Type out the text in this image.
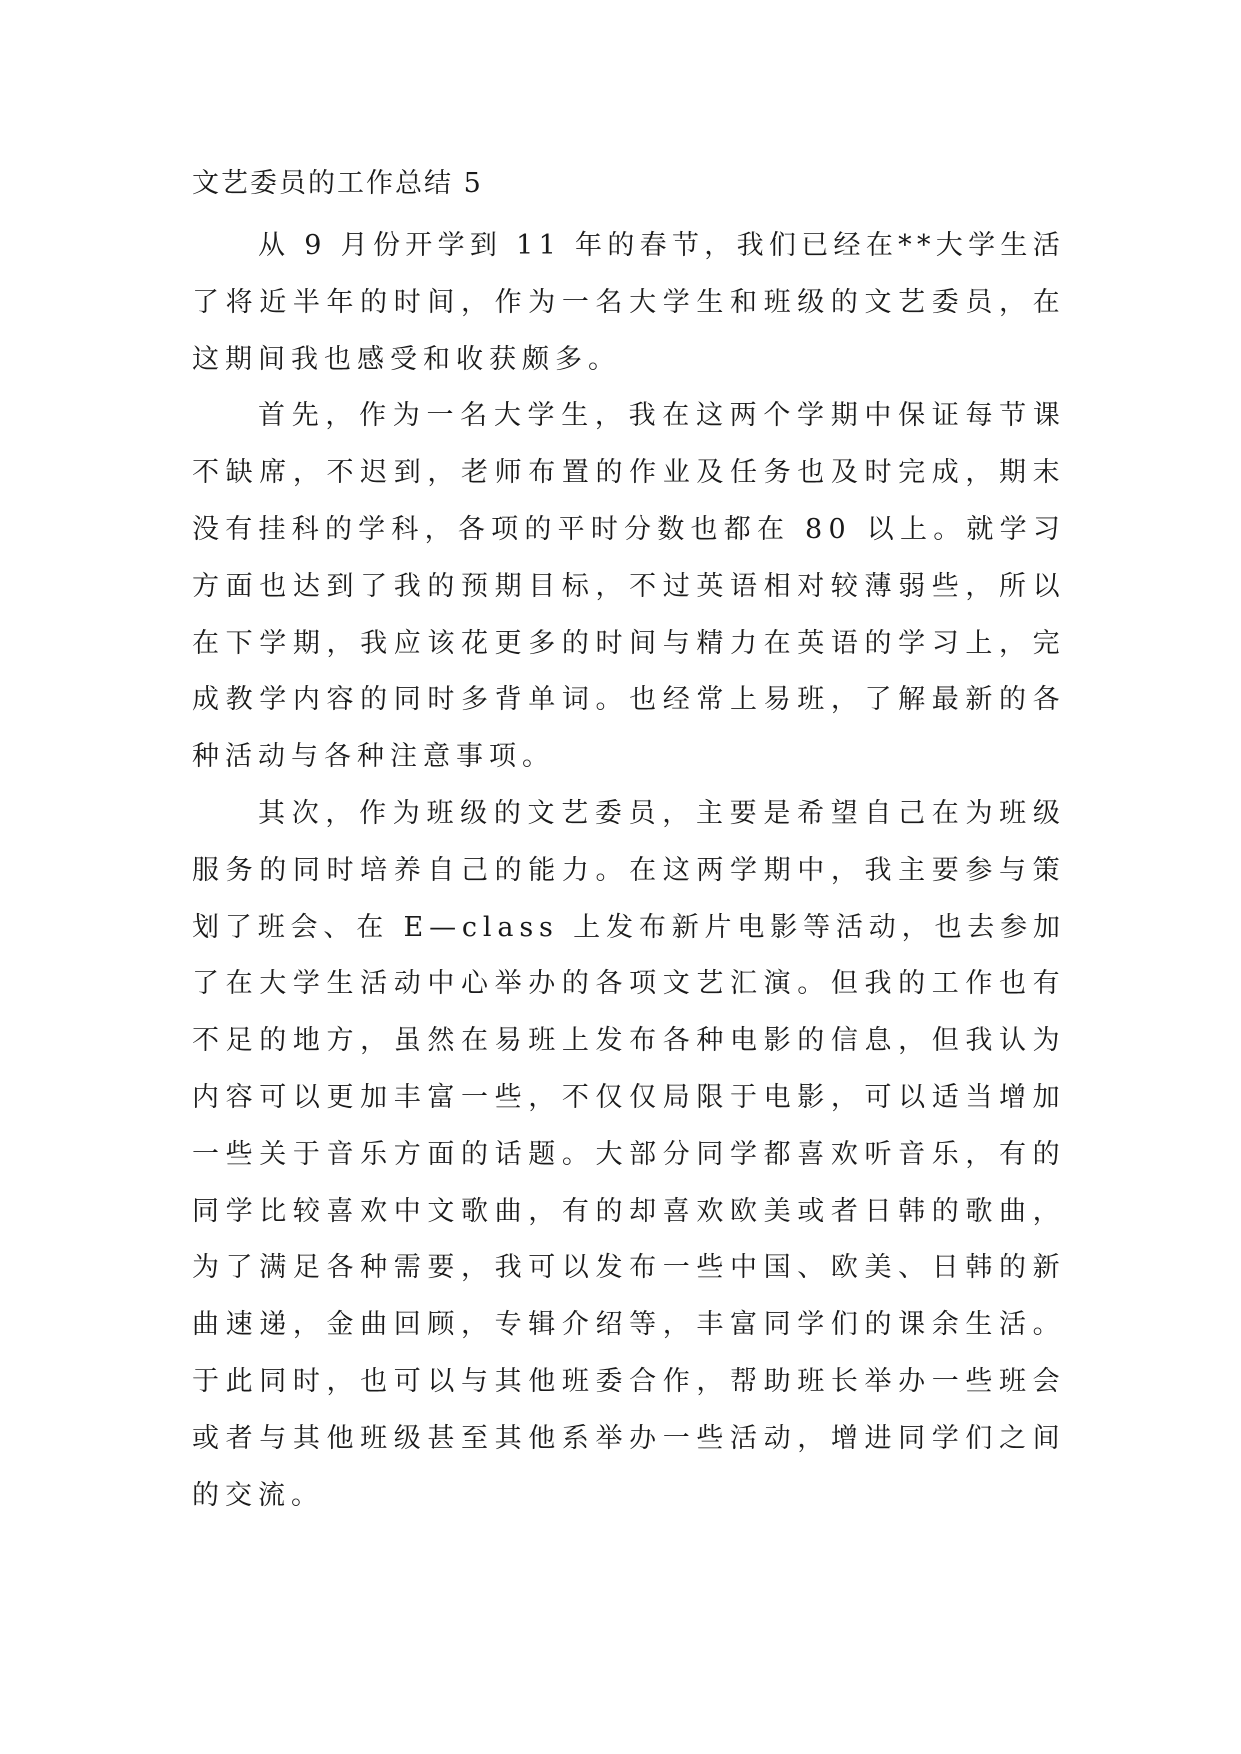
文艺委员的工作总结 5
从
9
月 份 开 学 到
1 1
年 的 春 节 ， 我 们 已 经 在 * * 大 学 生 活
了 将 近 半 年 的 时 间 ， 作 为 一 名 大 学 生 和 班 级 的 文 艺 委 员 ， 在
这期间我也感受和收获颇多。
首 先 ， 作 为 一 名 大 学 生 ， 我 在 这 两 个 学 期 中 保 证 每 节 课
不 缺 席 ， 不 迟 到 ， 老 师 布 置 的 作 业 及 任 务 也 及 时 完 成 ， 期 末
没 有 挂 科 的 学 科 ， 各 项 的 平 时 分 数 也 都 在
8 0
以 上 。 就 学 习
方 面 也 达 到 了 我 的 预 期 目 标 ， 不 过 英 语 相 对 较 薄 弱 些 ， 所 以
在 下 学 期 ， 我 应 该 花 更 多 的 时 间 与 精 力 在 英 语 的 学 习 上 ， 完
成 教 学 内 容 的 同 时 多 背 单 词 。 也 经 常 上 易 班 ， 了 解 最 新 的 各
种活动与各种注意事项。
其 次 ， 作 为 班 级 的 文 艺 委 员 ， 主 要 是 希 望 自 己 在 为 班 级
服 务 的 同 时 培 养 自 己 的 能 力 。 在 这 两 学 期 中 ， 我 主 要 参 与 策
划 了 班 会 、 在
E — c l a s s
上 发 布 新 片 电 影 等 活 动 ， 也 去 参 加
了 在 大 学 生 活 动 中 心 举 办 的 各 项 文 艺 汇 演 。 但 我 的 工 作 也 有
不 足 的 地 方 ， 虽 然 在 易 班 上 发 布 各 种 电 影 的 信 息 ， 但 我 认 为
内 容 可 以 更 加 丰 富 一 些 ， 不 仅 仅 局 限 于 电 影 ， 可 以 适 当 增 加
一 些 关 于 音 乐 方 面 的 话 题 。 大 部 分 同 学 都 喜 欢 听 音 乐 ， 有 的
同 学 比 较 喜 欢 中 文 歌 曲 ， 有 的 却 喜 欢 欧 美 或 者 日 韩 的 歌 曲 ，
为 了 满 足 各 种 需 要 ， 我 可 以 发 布 一 些 中 国 、 欧 美 、 日 韩 的 新
曲 速 递 ， 金 曲 回 顾 ， 专 辑 介 绍 等 ， 丰 富 同 学 们 的 课 余 生 活 。
于 此 同 时 ， 也 可 以 与 其 他 班 委 合 作 ， 帮 助 班 长 举 办 一 些 班 会
或 者 与 其 他 班 级 甚 至 其 他 系 举 办 一 些 活 动 ， 增 进 同 学 们 之 间
的交流。
